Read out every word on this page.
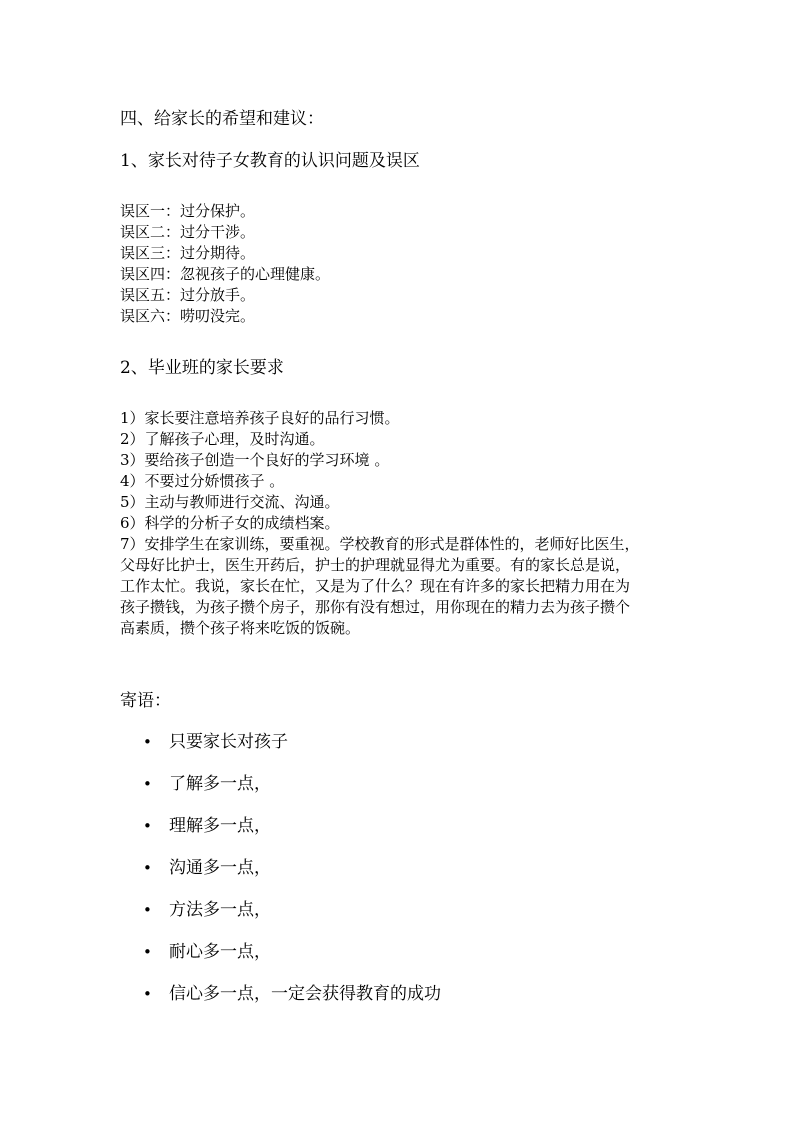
四、给家长的希望和建议：
1、家长对待子女教育的认识问题及误区
误区一：过分保护。
误区二：过分干涉。
误区三：过分期待。
误区四：忽视孩子的心理健康。
误区五：过分放手。
误区六：唠叨没完。
2、毕业班的家长要求
1）家长要注意培养孩子良好的品行习惯。
2）了解孩子心理，及时沟通。
3）要给孩子创造一个良好的学习环境 。
4）不要过分娇惯孩子 。
5）主动与教师进行交流、沟通。
6）科学的分析子女的成绩档案。
7）安排学生在家训练，要重视。学校教育的形式是群体性的，老师好比医生，
父母好比护士，医生开药后，护士的护理就显得尤为重要。有的家长总是说，
工作太忙。我说，家长在忙，又是为了什么？现在有许多的家长把精力用在为
孩子攒钱，为孩子攒个房子，那你有没有想过，用你现在的精力去为孩子攒个
高素质，攒个孩子将来吃饭的饭碗。
寄语：
• 只要家长对孩子
• 了解多一点，
• 理解多一点，
• 沟通多一点，
• 方法多一点，
• 耐心多一点，
• 信心多一点，一定会获得教育的成功
